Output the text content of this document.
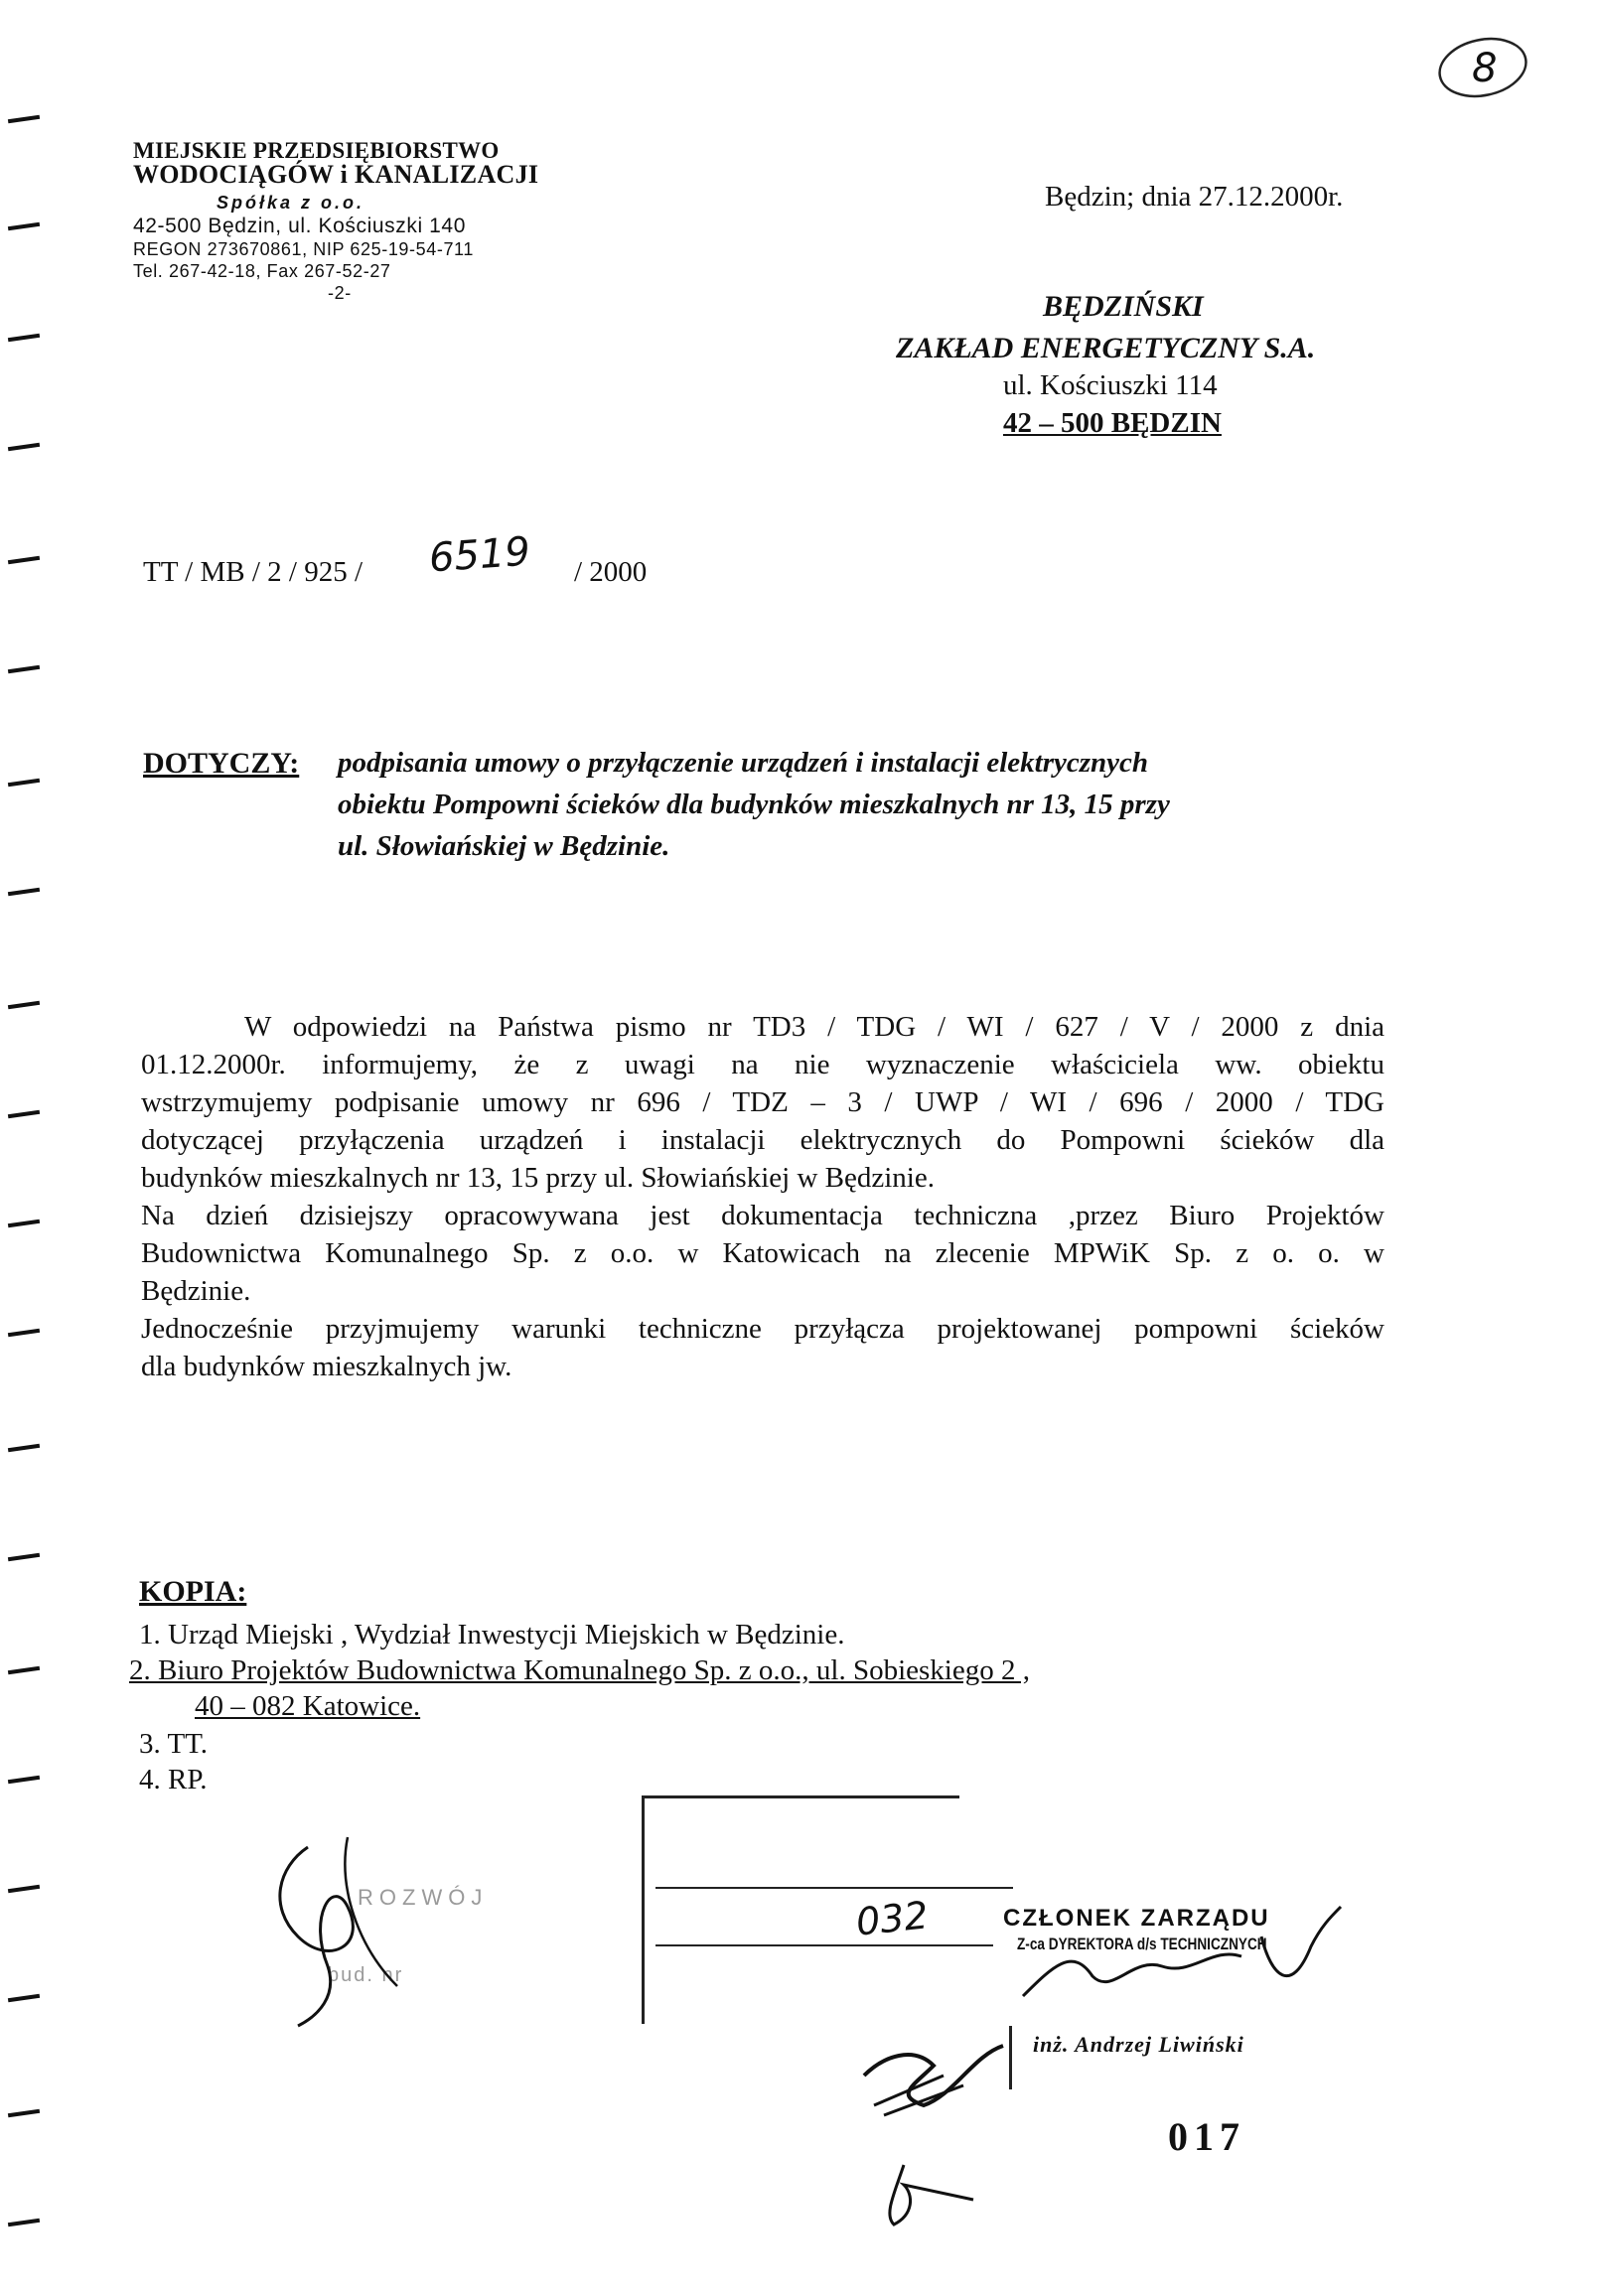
8
MIEJSKIE PRZEDSIĘBIORSTWO
WODOCIĄGÓW i KANALIZACJI
Spółka z o.o.
42-500 Będzin, ul. Kościuszki 140
REGON 273670861, NIP 625-19-54-711
Tel. 267-42-18, Fax 267-52-27
-2-
Będzin; dnia 27.12.2000r.
BĘDZIŃSKI
ZAKŁAD ENERGETYCZNY S.A.
ul. Kościuszki 114
42 – 500 BĘDZIN
TT / MB / 2 / 925 / 6519 / 2000
DOTYCZY: podpisania umowy o przyłączenie urządzeń i instalacji elektrycznych
obiektu Pompowni ścieków dla budynków mieszkalnych nr 13, 15 przy
ul. Słowiańskiej w Będzinie.
W odpowiedzi na Państwa pismo nr TD3 / TDG / WI / 627 / V / 2000 z dnia
01.12.2000r. informujemy, że z uwagi na nie wyznaczenie właściciela ww. obiektu
wstrzymujemy podpisanie umowy nr 696 / TDZ – 3 / UWP / WI / 696 / 2000 / TDG
dotyczącej przyłączenia urządzeń i instalacji elektrycznych do Pompowni ścieków dla
budynków mieszkalnych nr 13, 15 przy ul. Słowiańskiej w Będzinie.
Na dzień dzisiejszy opracowywana jest dokumentacja techniczna ,przez Biuro Projektów
Budownictwa Komunalnego Sp. z o.o. w Katowicach na zlecenie MPWiK Sp. z o. o. w
Będzinie.
Jednocześnie przyjmujemy warunki techniczne przyłącza projektowanej pompowni ścieków
dla budynków mieszkalnych jw.
KOPIA:
1. Urząd Miejski , Wydział Inwestycji Miejskich w Będzinie.
2. Biuro Projektów Budownictwa Komunalnego Sp. z o.o., ul. Sobieskiego 2 ,
40 – 082 Katowice.
3. TT.
4. RP.
ROZWÓJ
bud. nr
032	CZŁONEK ZARZĄDU
Z-ca DYREKTORA d/s TECHNICZNYCH
inż. Andrzej Liwiński
017
